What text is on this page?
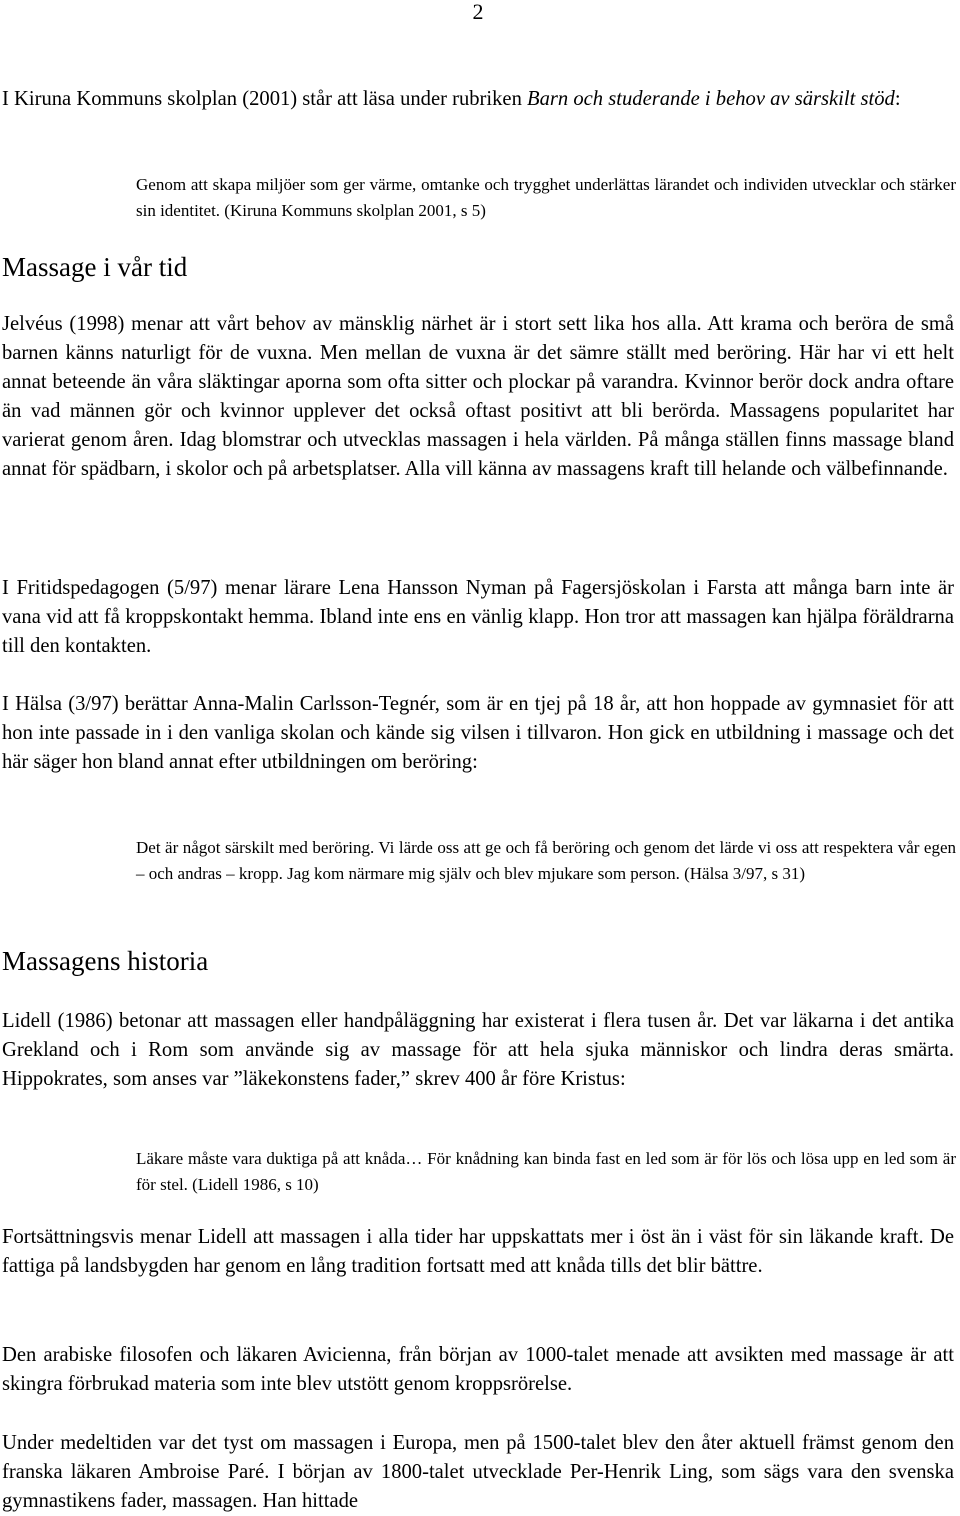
2

I Kiruna Kommuns skolplan (2001) står att läsa under rubriken Barn och studerande i behov av särskilt stöd:

Genom att skapa miljöer som ger värme, omtanke och trygghet underlättas lärandet och individen utvecklar och stärker sin identitet. (Kiruna Kommuns skolplan 2001, s 5)

Massage i vår tid

Jelvéus (1998) menar att vårt behov av mänsklig närhet är i stort sett lika hos alla. Att krama och beröra de små barnen känns naturligt för de vuxna. Men mellan de vuxna är det sämre ställt med beröring. Här har vi ett helt annat beteende än våra släktingar aporna som ofta sitter och plockar på varandra. Kvinnor berör dock andra oftare än vad männen gör och kvinnor upplever det också oftast positivt att bli berörda. Massagens popularitet har varierat genom åren. Idag blomstrar och utvecklas massagen i hela världen. På många ställen finns massage bland annat för spädbarn, i skolor och på arbetsplatser. Alla vill känna av massagens kraft till helande och välbefinnande.

I Fritidspedagogen (5/97) menar lärare Lena Hansson Nyman på Fagersjöskolan i Farsta att många barn inte är vana vid att få kroppskontakt hemma. Ibland inte ens en vänlig klapp. Hon tror att massagen kan hjälpa föräldrarna till den kontakten.

I Hälsa (3/97) berättar Anna-Malin Carlsson-Tegnér, som är en tjej på 18 år, att hon hoppade av gymnasiet för att hon inte passade in i den vanliga skolan och kände sig vilsen i tillvaron. Hon gick en utbildning i massage och det här säger hon bland annat efter utbildningen om beröring:

Det är något särskilt med beröring. Vi lärde oss att ge och få beröring och genom det lärde vi oss att respektera vår egen – och andras – kropp. Jag kom närmare mig själv och blev mjukare som person. (Hälsa 3/97, s 31)

Massagens historia

Lidell (1986) betonar att massagen eller handpåläggning har existerat i flera tusen år. Det var läkarna i det antika Grekland och i Rom som använde sig av massage för att hela sjuka människor och lindra deras smärta. Hippokrates, som anses var ”läkekonstens fader,” skrev 400 år före Kristus:

Läkare måste vara duktiga på att knåda… För knådning kan binda fast en led som är för lös och lösa upp en led som är för stel. (Lidell 1986, s 10)

Fortsättningsvis menar Lidell att massagen i alla tider har uppskattats mer i öst än i väst för sin läkande kraft. De fattiga på landsbygden har genom en lång tradition fortsatt med att knåda tills det blir bättre.

Den arabiske filosofen och läkaren Avicienna, från början av 1000-talet menade att avsikten med massage är att skingra förbrukad materia som inte blev utstött genom kroppsrörelse.

Under medeltiden var det tyst om massagen i Europa, men på 1500-talet blev den åter aktuell främst genom den franska läkaren Ambroise Paré. I början av 1800-talet utvecklade Per-Henrik Ling, som sägs vara den svenska gymnastikens fader, massagen. Han hittade
